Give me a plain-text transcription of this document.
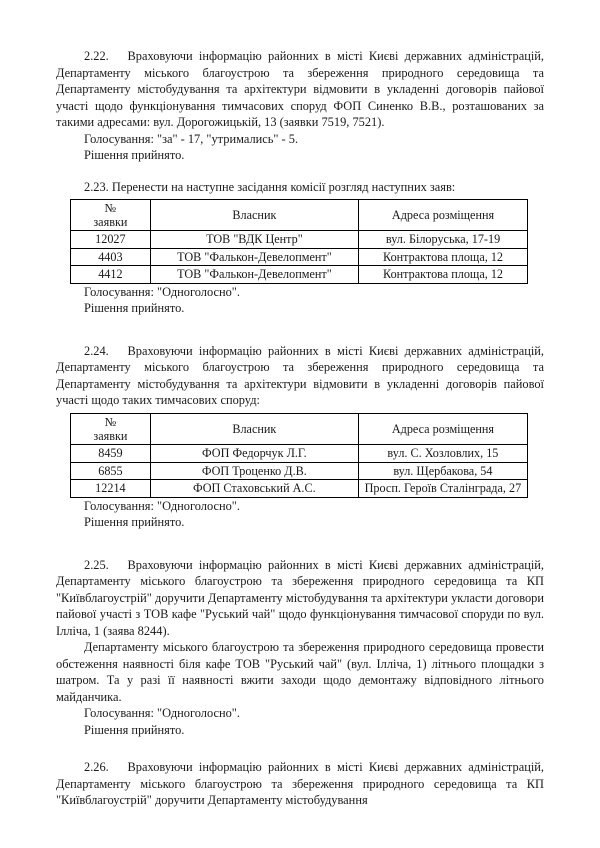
2.22.   Враховуючи інформацію районних в місті Києві державних адміністрацій, Департаменту міського благоустрою та збереження природного середовища та Департаменту містобудування та архітектури відмовити в укладенні договорів пайової участі щодо функціонування тимчасових споруд ФОП Синенко В.В., розташованих за такими адресами: вул. Дорогожицькій, 13 (заявки 7519, 7521).

Голосування: "за" - 17, "утримались" - 5.

Рішення прийнято.

2.23. Перенести на наступне засідання комісії розгляд наступних заяв:

№
заявки	Власник	Адреса розміщення
12027	ТОВ "ВДК Центр"	вул. Білоруська, 17-19
4403	ТОВ "Фалькон-Девелопмент"	Контрактова площа, 12
4412	ТОВ "Фалькон-Девелопмент"	Контрактова площа, 12

Голосування: "Одноголосно".

Рішення прийнято.

2.24.   Враховуючи інформацію районних в місті Києві державних адміністрацій, Департаменту міського благоустрою та збереження природного середовища та Департаменту містобудування та архітектури відмовити в укладенні договорів пайової участі щодо таких тимчасових споруд:

№
заявки	Власник	Адреса розміщення
8459	ФОП Федорчук Л.Г.	вул. С. Хозловлих, 15
6855	ФОП Троценко Д.В.	вул. Щербакова, 54
12214	ФОП Стаховський А.С.	Просп. Героїв Сталінграда, 27

Голосування: "Одноголосно".

Рішення прийнято.

2.25.   Враховуючи інформацію районних в місті Києві державних адміністрацій, Департаменту міського благоустрою та збереження природного середовища та КП "Київблагоустрій" доручити Департаменту містобудування та архітектури укласти договори пайової участі з ТОВ кафе "Руський чай" щодо функціонування тимчасової споруди по вул. Ілліча, 1 (заява 8244).

Департаменту міського благоустрою та збереження природного середовища провести обстеження наявності біля кафе ТОВ "Руський чай" (вул. Ілліча, 1) літнього площадки з шатром. Та у разі її наявності вжити заходи щодо демонтажу відповідного літнього майданчика.

Голосування: "Одноголосно".

Рішення прийнято.

2.26.   Враховуючи інформацію районних в місті Києві державних адміністрацій, Департаменту міського благоустрою та збереження природного середовища та КП "Київблагоустрій" доручити Департаменту містобудування
